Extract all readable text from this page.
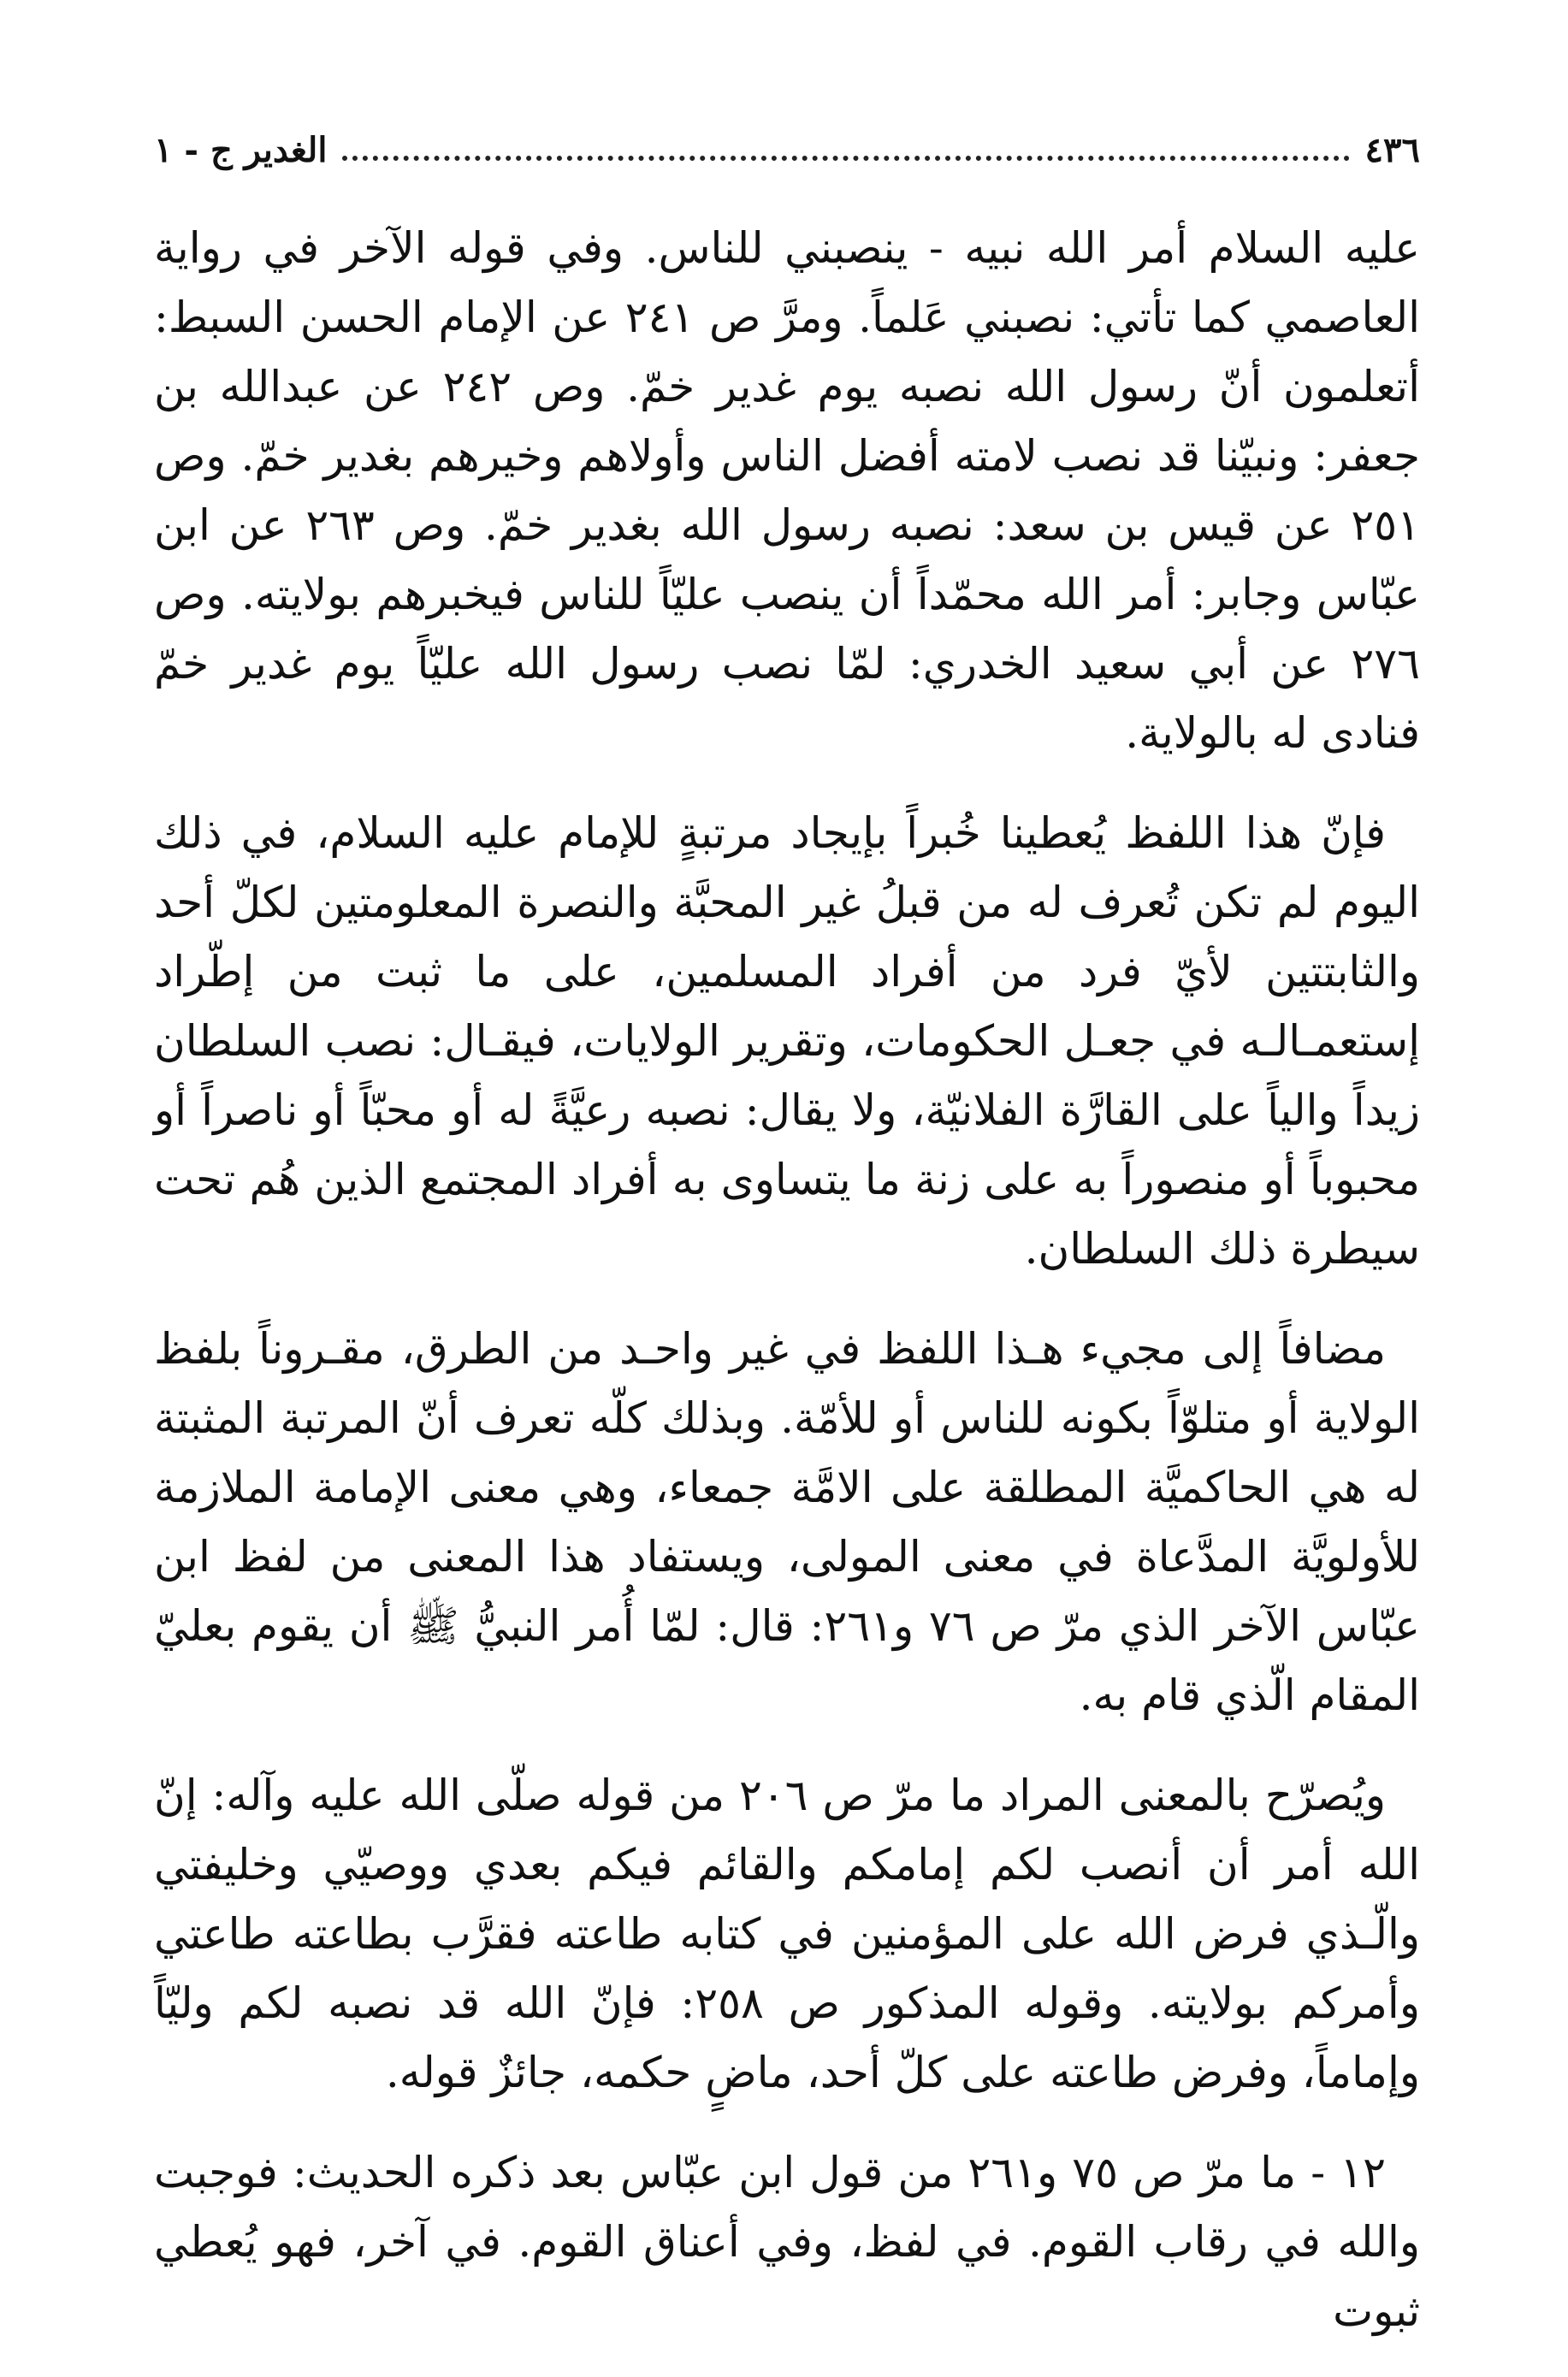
٤٣٦
الغدير ج - ١

عليه السلام أمر الله نبيه - ينصبني للناس. وفي قوله الآخر في رواية العاصمي كما تأتي: نصبني عَلماً. ومرَّ ص ٢٤١ عن الإمام الحسن السبط: أتعلمون أنّ رسول الله نصبه يوم غدير خمّ. وص ٢٤٢ عن عبدالله بن جعفر: ونبيّنا قد نصب لامته أفضل الناس وأولاهم وخيرهم بغدير خمّ. وص ٢٥١ عن قيس بن سعد: نصبه رسول الله بغدير خمّ. وص ٢٦٣ عن ابن عبّاس وجابر: أمر الله محمّداً أن ينصب عليّاً للناس فيخبرهم بولايته. وص ٢٧٦ عن أبي سعيد الخدري: لمّا نصب رسول الله عليّاً يوم غدير خمّ فنادى له بالولاية.

فإنّ هذا اللفظ يُعطينا خُبراً بإيجاد مرتبةٍ للإمام عليه السلام، في ذلك اليوم لم تكن تُعرف له من قبلُ غير المحبَّة والنصرة المعلومتين لكلّ أحد والثابتتين لأيّ فرد من أفراد المسلمين، على ما ثبت من إطّراد إستعمـالـه في جعـل الحكومات، وتقرير الولايات، فيقـال: نصب السلطان زيداً والياً على القارَّة الفلانيّة، ولا يقال: نصبه رعيَّةً له أو محبّاً أو ناصراً أو محبوباً أو منصوراً به على زنة ما يتساوى به أفراد المجتمع الذين هُم تحت سيطرة ذلك السلطان.

مضافاً إلى مجيء هـذا اللفظ في غير واحـد من الطرق، مقـروناً بلفظ الولاية أو متلوّاً بكونه للناس أو للأمّة. وبذلك كلّه تعرف أنّ المرتبة المثبتة له هي الحاكميَّة المطلقة على الامَّة جمعاء، وهي معنى الإمامة الملازمة للأولويَّة المدَّعاة في معنى المولى، ويستفاد هذا المعنى من لفظ ابن عبّاس الآخر الذي مرّ ص ٧٦ و٢٦١: قال: لمّا أُمر النبيُّ ﷺ أن يقوم بعليّ المقام الّذي قام به.

ويُصرّح بالمعنى المراد ما مرّ ص ٢٠٦ من قوله صلّى الله عليه وآله: إنّ الله أمر أن أنصب لكم إمامكم والقائم فيكم بعدي ووصيّي وخليفتي والّـذي فرض الله على المؤمنين في كتابه طاعته فقرَّب بطاعته طاعتي وأمركم بولايته. وقوله المذكور ص ٢٥٨: فإنّ الله قد نصبه لكم وليّاً وإماماً، وفرض طاعته على كلّ أحد، ماضٍ حكمه، جائزٌ قوله.

١٢ - ما مرّ ص ٧٥ و٢٦١ من قول ابن عبّاس بعد ذكره الحديث: فوجبت والله في رقاب القوم. في لفظ، وفي أعناق القوم. في آخر، فهو يُعطي ثبوت
